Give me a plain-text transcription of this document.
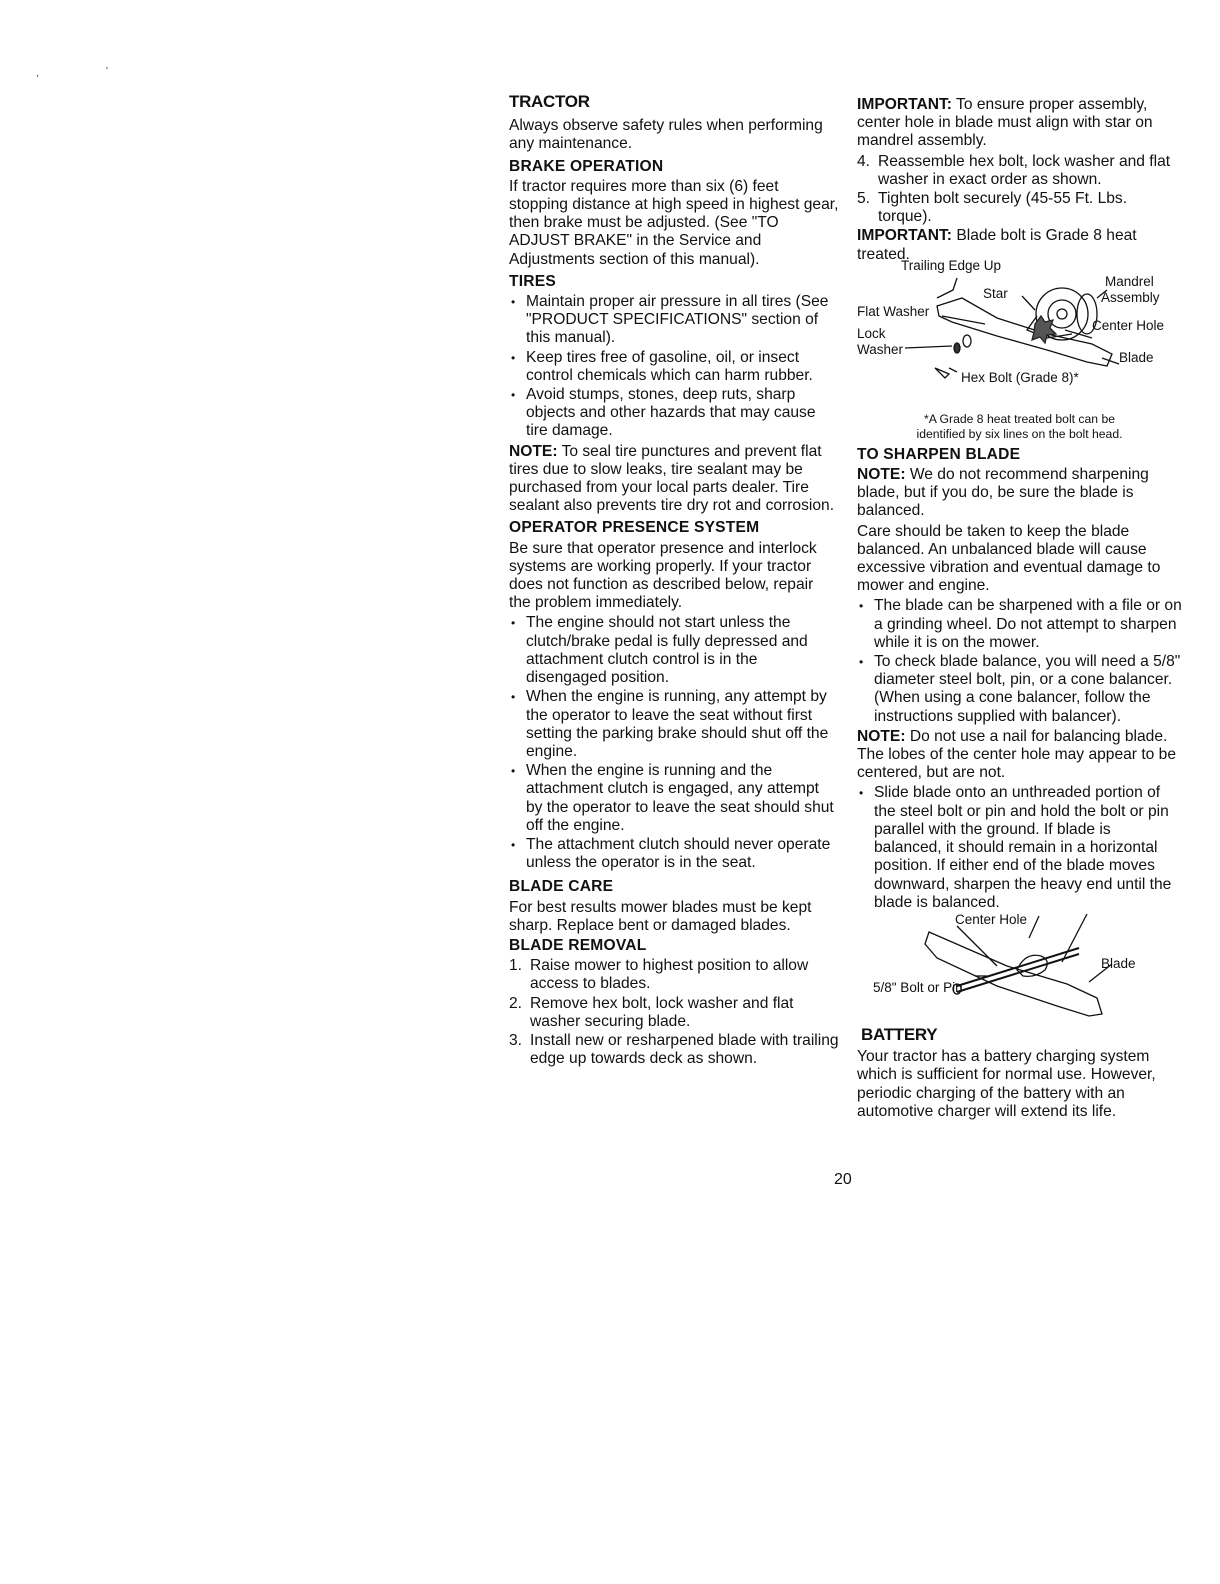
,	'
TRACTOR

Always observe safety rules when performing any maintenance.

BRAKE OPERATION

If tractor requires more than six (6) feet stopping distance at high speed in highest gear, then brake must be adjusted. (See "TO ADJUST BRAKE" in the Service and Adjustments section of this manual).

TIRES
• Maintain proper air pressure in all tires (See "PRODUCT SPECIFICATIONS" section of this manual).
• Keep tires free of gasoline, oil, or insect control chemicals which can harm rubber.
• Avoid stumps, stones, deep ruts, sharp objects and other hazards that may cause tire damage.

NOTE: To seal tire punctures and prevent flat tires due to slow leaks, tire sealant may be purchased from your local parts dealer. Tire sealant also prevents tire dry rot and corrosion.

OPERATOR PRESENCE SYSTEM

Be sure that operator presence and interlock systems are working properly. If your tractor does not function as described below, repair the problem immediately.

• The engine should not start unless the clutch/brake pedal is fully depressed and attachment clutch control is in the disengaged position.
• When the engine is running, any attempt by the operator to leave the seat without first setting the parking brake should shut off the engine.
• When the engine is running and the attachment clutch is engaged, any attempt by the operator to leave the seat should shut off the engine.
• The attachment clutch should never operate unless the operator is in the seat.
BLADE CARE

For best results mower blades must be kept sharp. Replace bent or damaged blades.

BLADE REMOVAL
1. Raise mower to highest position to allow access to blades.
2. Remove hex bolt, lock washer and flat washer securing blade.
3. Install new or resharpened blade with trailing edge up towards deck as shown.

IMPORTANT: To ensure proper assembly, center hole in blade must align with star on mandrel assembly.

4. Reassemble hex bolt, lock washer and flat washer in exact order as shown.
5. Tighten bolt securely (45-55 Ft. Lbs. torque).

IMPORTANT: Blade bolt is Grade 8 heat treated.

Trailing Edge Up
Star
Mandrel
Assembly
Flat Washer
Center Hole
Lock
Washer
Blade
Hex Bolt (Grade 8)*
*A Grade 8 heat treated bolt can be
identified by six lines on the bolt head.
TO SHARPEN BLADE

NOTE: We do not recommend sharpening blade, but if you do, be sure the blade is balanced.

Care should be taken to keep the blade balanced. An unbalanced blade will cause excessive vibration and eventual damage to mower and engine.

• The blade can be sharpened with a file or on a grinding wheel. Do not attempt to sharpen while it is on the mower.
• To check blade balance, you will need a 5/8" diameter steel bolt, pin, or a cone balancer. (When using a cone balancer, follow the instructions supplied with balancer).

NOTE: Do not use a nail for balancing blade. The lobes of the center hole may appear to be centered, but are not.

• Slide blade onto an unthreaded portion of the steel bolt or pin and hold the bolt or pin parallel with the ground. If blade is balanced, it should remain in a horizontal position. If either end of the blade moves downward, sharpen the heavy end until the blade is balanced.
Center Hole
Blade
5/8" Bolt or Pin
BATTERY

Your tractor has a battery charging system which is sufficient for normal use. However, periodic charging of the battery with an automotive charger will extend its life.

20
